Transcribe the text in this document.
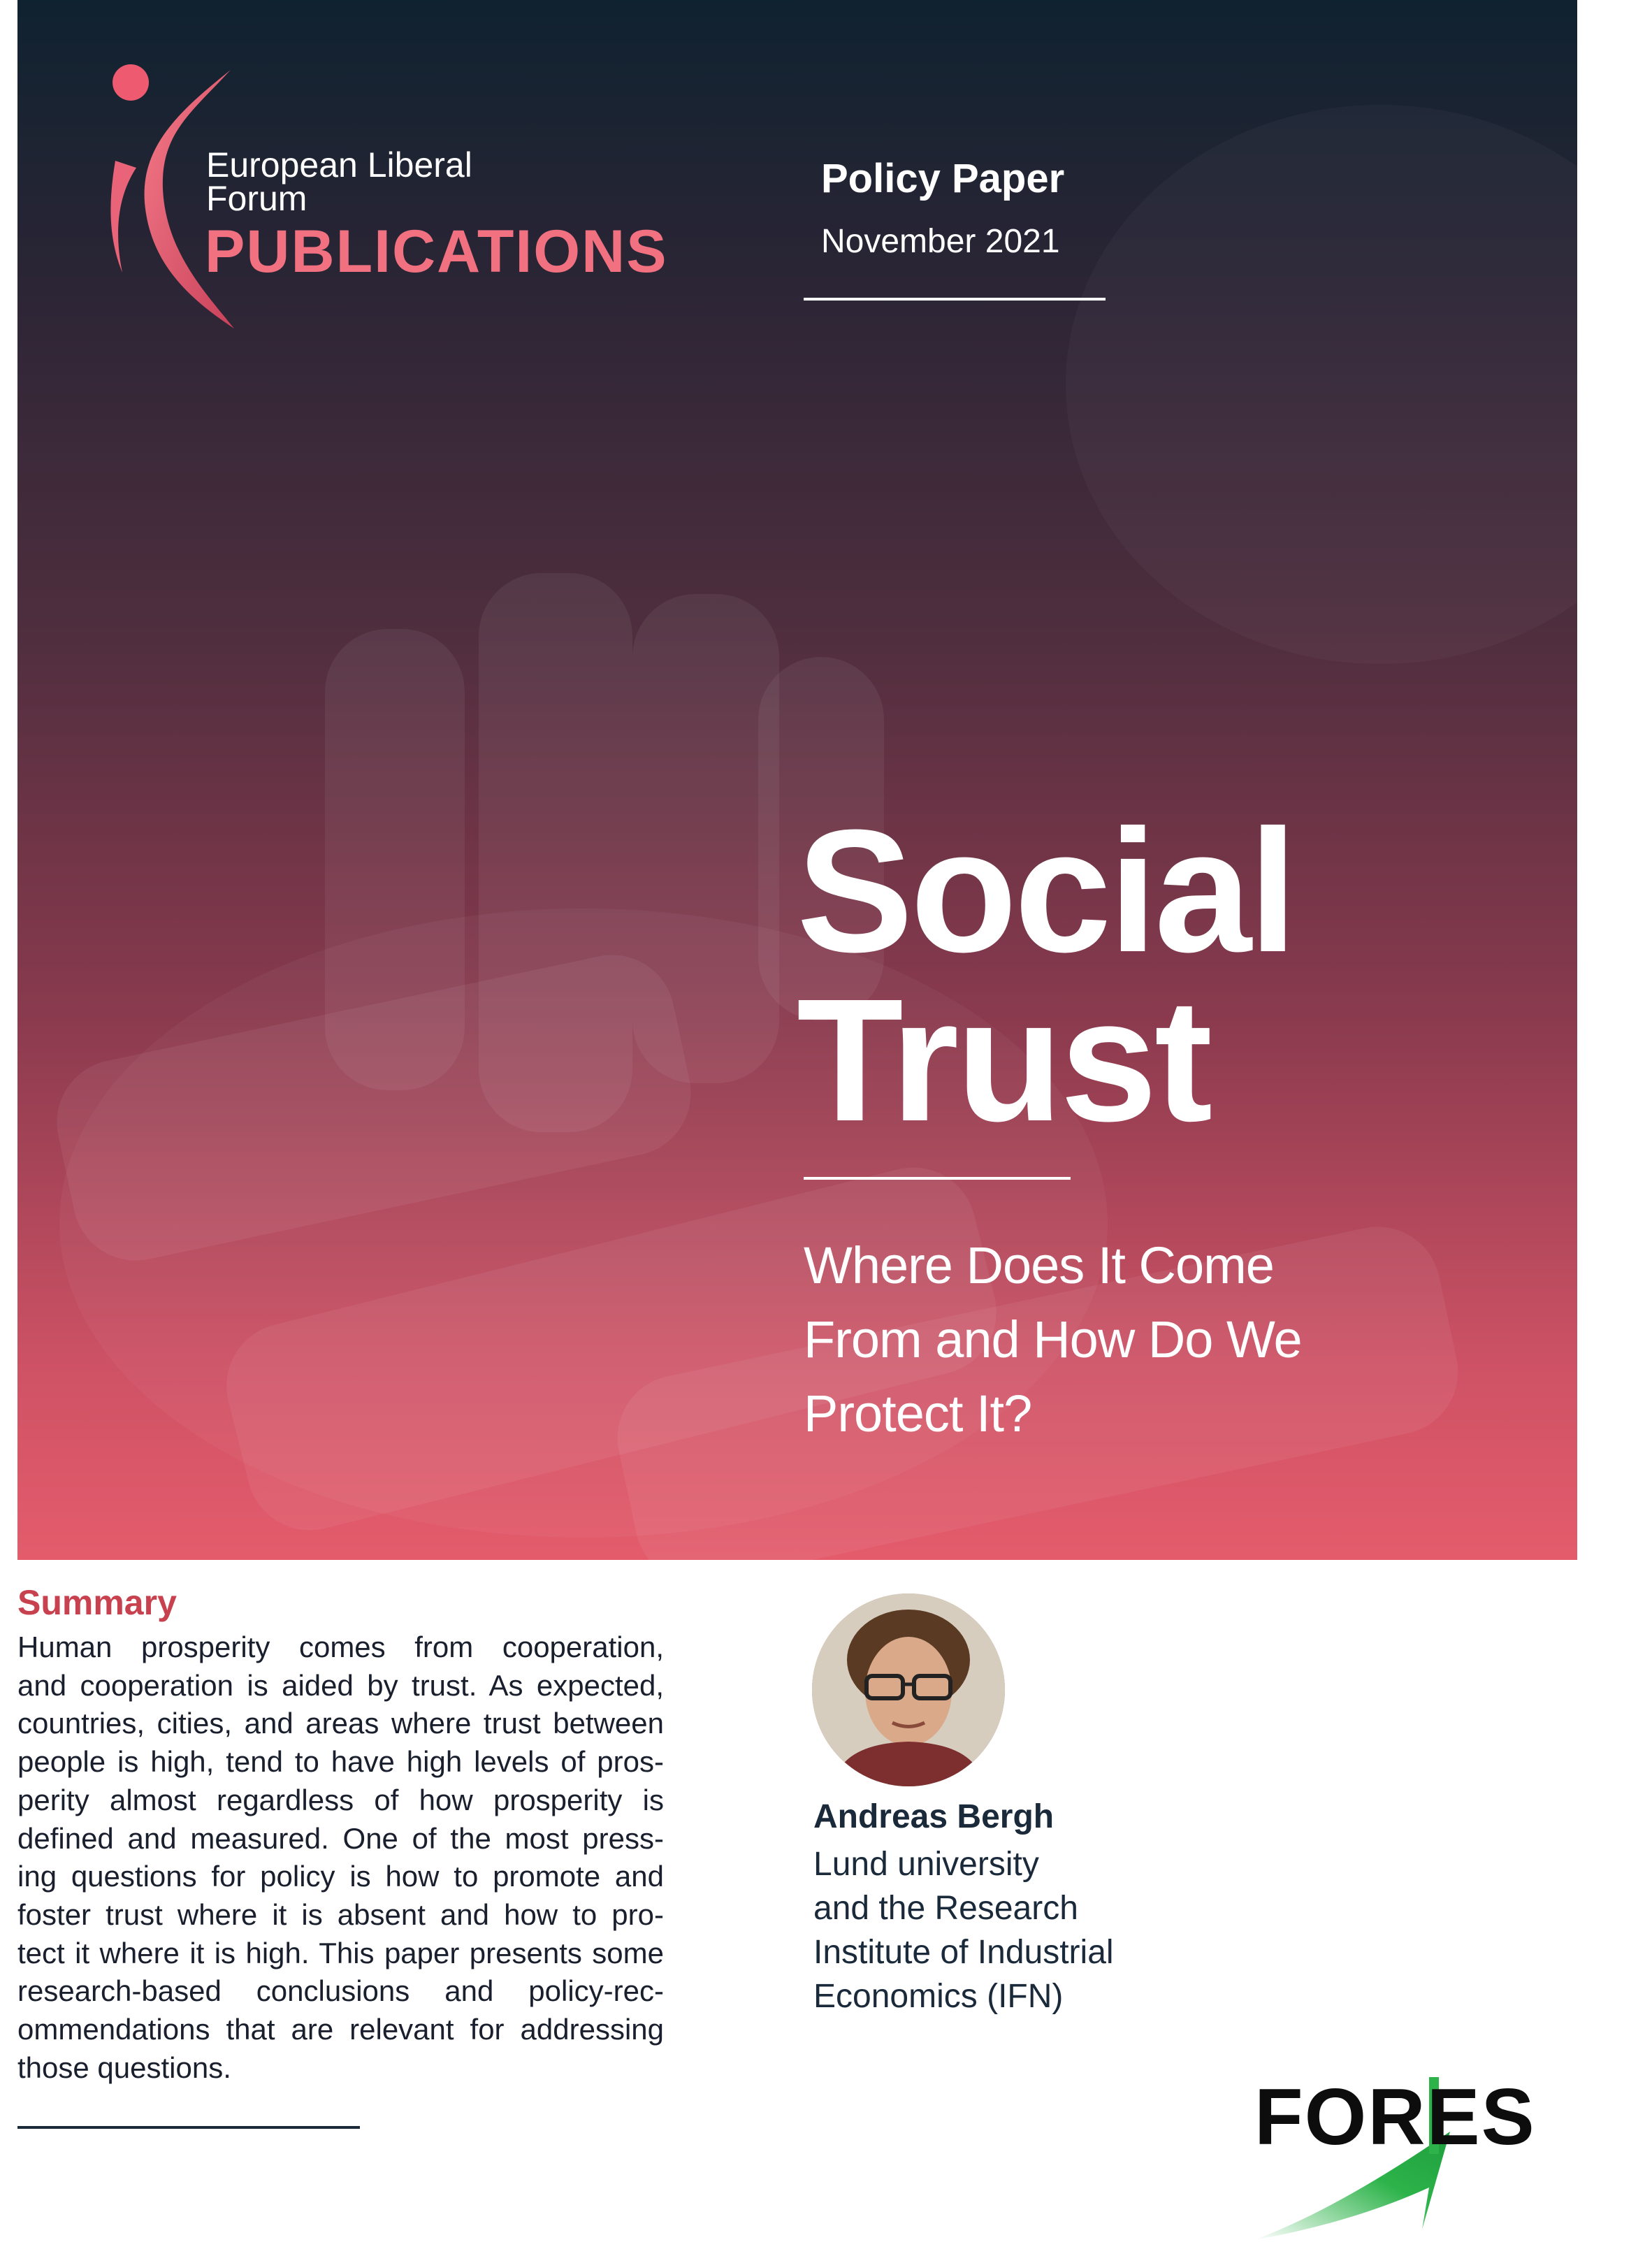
European Liberal
Forum
PUBLICATIONS
Policy Paper
November 2021
Social
Trust
Where Does It Come
From and How Do We
Protect It?
Summary
Human prosperity comes from cooperation,
and cooperation is aided by trust. As expected,
countries, cities, and areas where trust between
people is high, tend to have high levels of pros-
perity almost regardless of how prosperity is
defined and measured. One of the most press-
ing questions for policy is how to promote and
foster trust where it is absent and how to pro-
tect it where it is high. This paper presents some
research-based conclusions and policy-rec-
ommendations that are relevant for addressing
those questions.
Andreas Bergh
Lund university
and the Research
Institute of Industrial
Economics (IFN)
FORES
